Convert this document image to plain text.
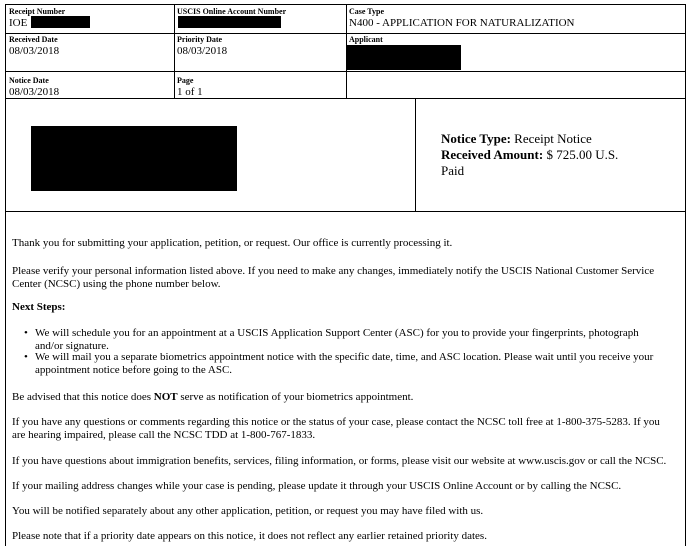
Receipt Number
IOE
USCIS Online Account Number	Case Type
N400 - APPLICATION FOR NATURALIZATION
Received Date
08/03/2018
Priority Date
08/03/2018
Applicant
Notice Date
08/03/2018
Page
1 of 1
Notice Type: Receipt Notice
Received Amount: $ 725.00 U.S.
Paid
Thank you for submitting your application, petition, or request. Our office is currently processing it.
Please verify your personal information listed above. If you need to make any changes, immediately notify the USCIS National Customer Service Center (NCSC) using the phone number below.
Next Steps:
• We will schedule you for an appointment at a USCIS Application Support Center (ASC) for you to provide your fingerprints, photograph and/or signature.
• We will mail you a separate biometrics appointment notice with the specific date, time, and ASC location. Please wait until you receive your appointment notice before going to the ASC.
Be advised that this notice does NOT serve as notification of your biometrics appointment.
If you have any questions or comments regarding this notice or the status of your case, please contact the NCSC toll free at 1-800-375-5283. If you are hearing impaired, please call the NCSC TDD at 1-800-767-1833.
If you have questions about immigration benefits, services, filing information, or forms, please visit our website at www.uscis.gov or call the NCSC.
If your mailing address changes while your case is pending, please update it through your USCIS Online Account or by calling the NCSC.
You will be notified separately about any other application, petition, or request you may have filed with us.
Please note that if a priority date appears on this notice, it does not reflect any earlier retained priority dates.
